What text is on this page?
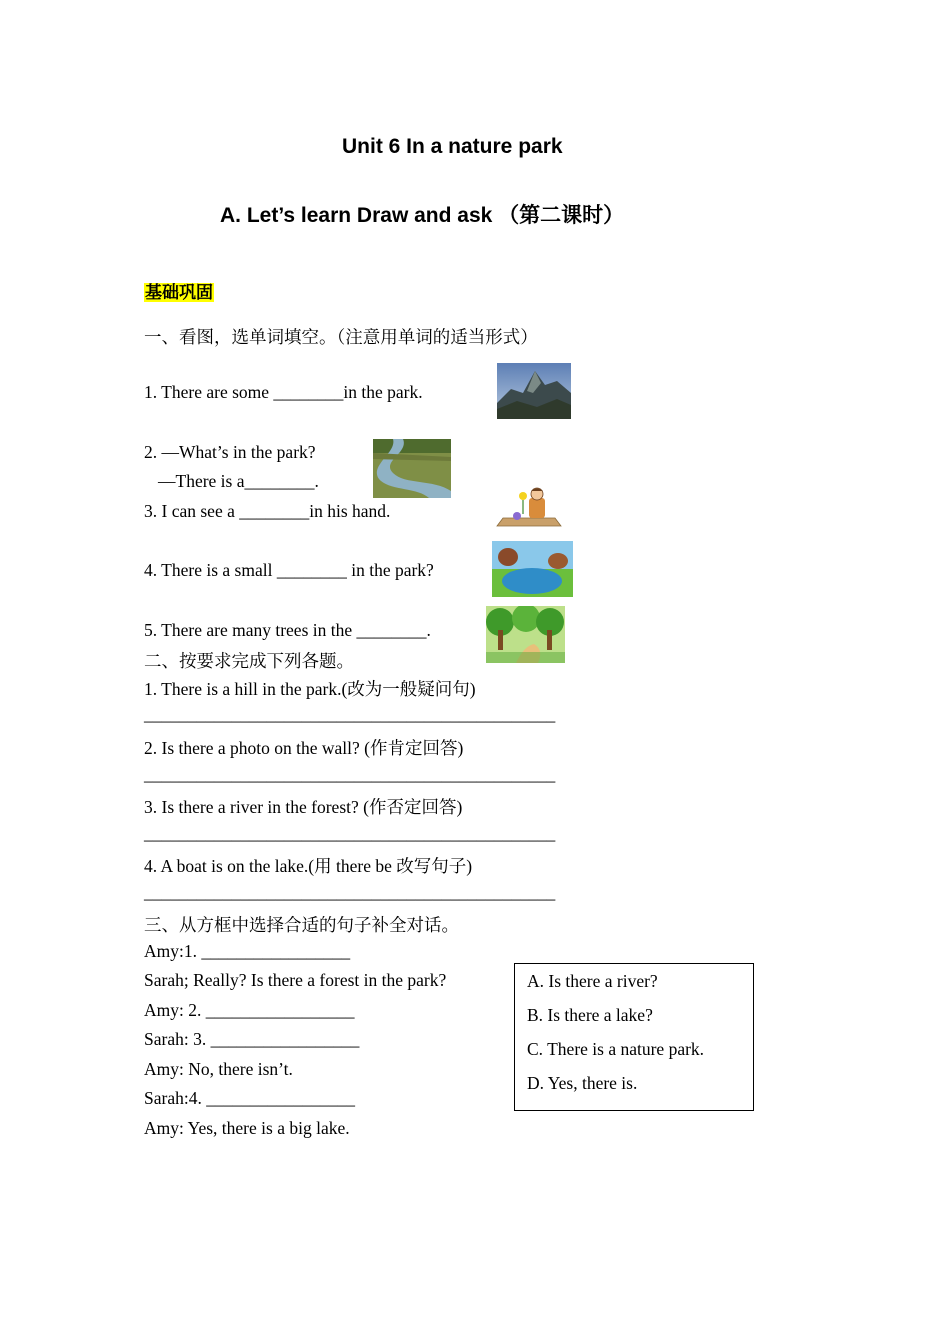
Unit 6 In a nature park
A. Let’s learn Draw and ask （第二课时）
基础巩固
一、看图，选单词填空。（注意用单词的适当形式）
1. There are some ________in the park.
2. —What’s in the park?
—There is a________.
3. I can see a ________in his hand.
4. There is a small ________ in the park?
5. There are many trees in the ________.
二、按要求完成下列各题。
1. There is a hill in the park.(改为一般疑问句)
_______________________________________________
2. Is there a photo on the wall? (作肯定回答)
_______________________________________________
3. Is there a river in the forest? (作否定回答)
_______________________________________________
4. A boat is on the lake.(用 there be 改写句子)
_______________________________________________
三、从方框中选择合适的句子补全对话。
Amy:1. _________________
Sarah; Really? Is there a forest in the park?
Amy: 2. _________________
Sarah: 3. _________________
Amy: No, there isn’t.
Sarah:4. _________________
Amy: Yes, there is a big lake.
A. Is there a river?
B. Is there a lake?
C. There is a nature park.
D. Yes, there is.
